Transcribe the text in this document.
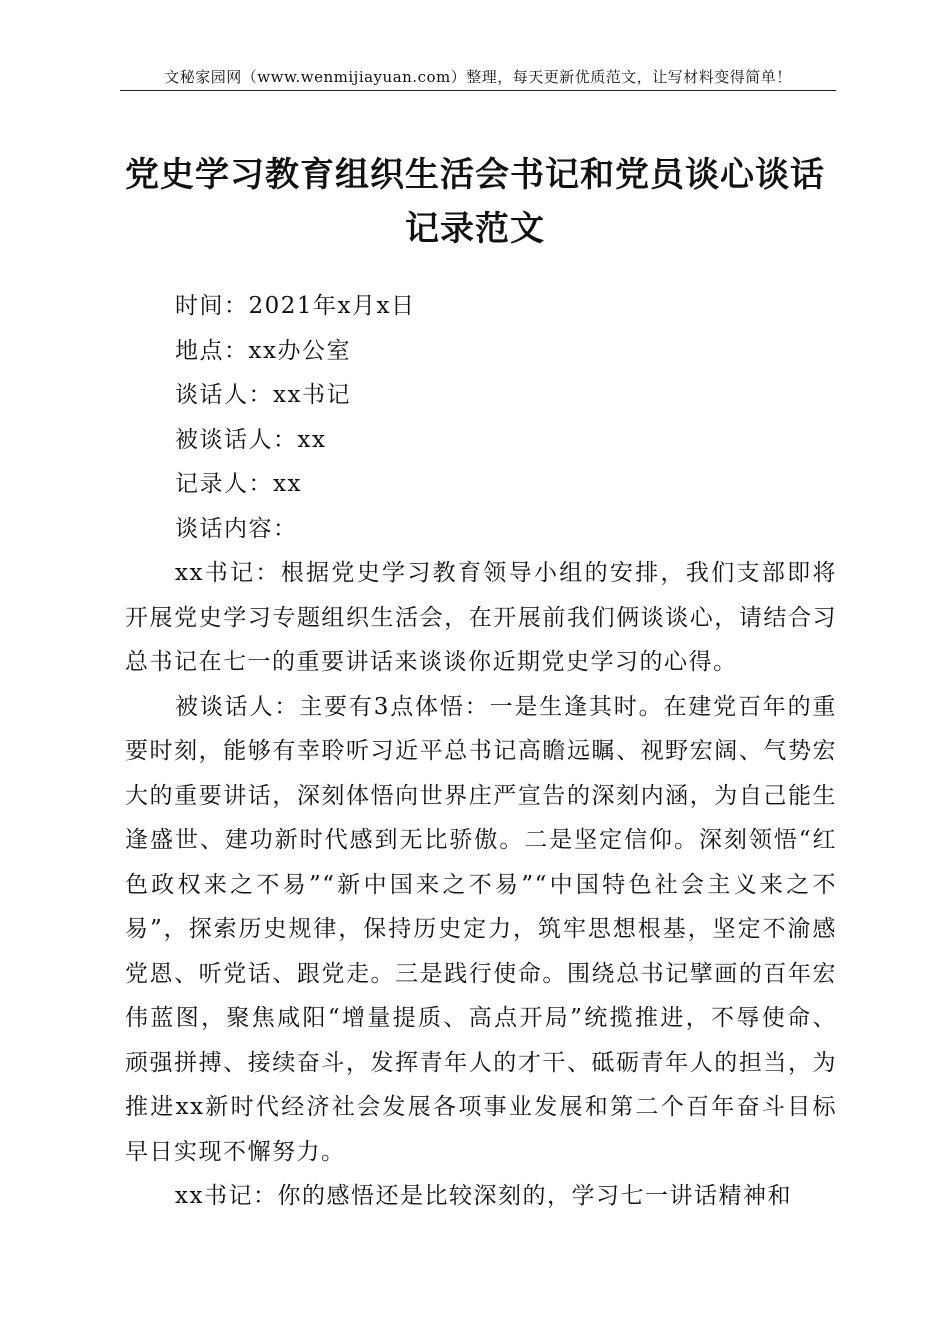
文秘家园网（www.wenmijiayuan.com）整理，每天更新优质范文，让写材料变得简单！
党史学习教育组织生活会书记和党员谈心谈话
记录范文

时间：2021年x月x日

地点：xx办公室

谈话人：xx书记

被谈话人：xx

记录人：xx

谈话内容：

xx书记：根据党史学习教育领导小组的安排，我们支部即将开展党史学习专题组织生活会，在开展前我们俩谈谈心，请结合习总书记在七一的重要讲话来谈谈你近期党史学习的心得。

被谈话人：主要有3点体悟：一是生逢其时。在建党百年的重要时刻，能够有幸聆听习近平总书记高瞻远瞩、视野宏阔、气势宏大的重要讲话，深刻体悟向世界庄严宣告的深刻内涵，为自己能生逢盛世、建功新时代感到无比骄傲。二是坚定信仰。深刻领悟“红色政权来之不易”“新中国来之不易”“中国特色社会主义来之不易”，探索历史规律，保持历史定力，筑牢思想根基，坚定不渝感党恩、听党话、跟党走。三是践行使命。围绕总书记擘画的百年宏伟蓝图，聚焦咸阳“增量提质、高点开局”统揽推进，不辱使命、顽强拼搏、接续奋斗，发挥青年人的才干、砥砺青年人的担当，为推进xx新时代经济社会发展各项事业发展和第二个百年奋斗目标早日实现不懈努力。

xx书记：你的感悟还是比较深刻的，学习七一讲话精神和
